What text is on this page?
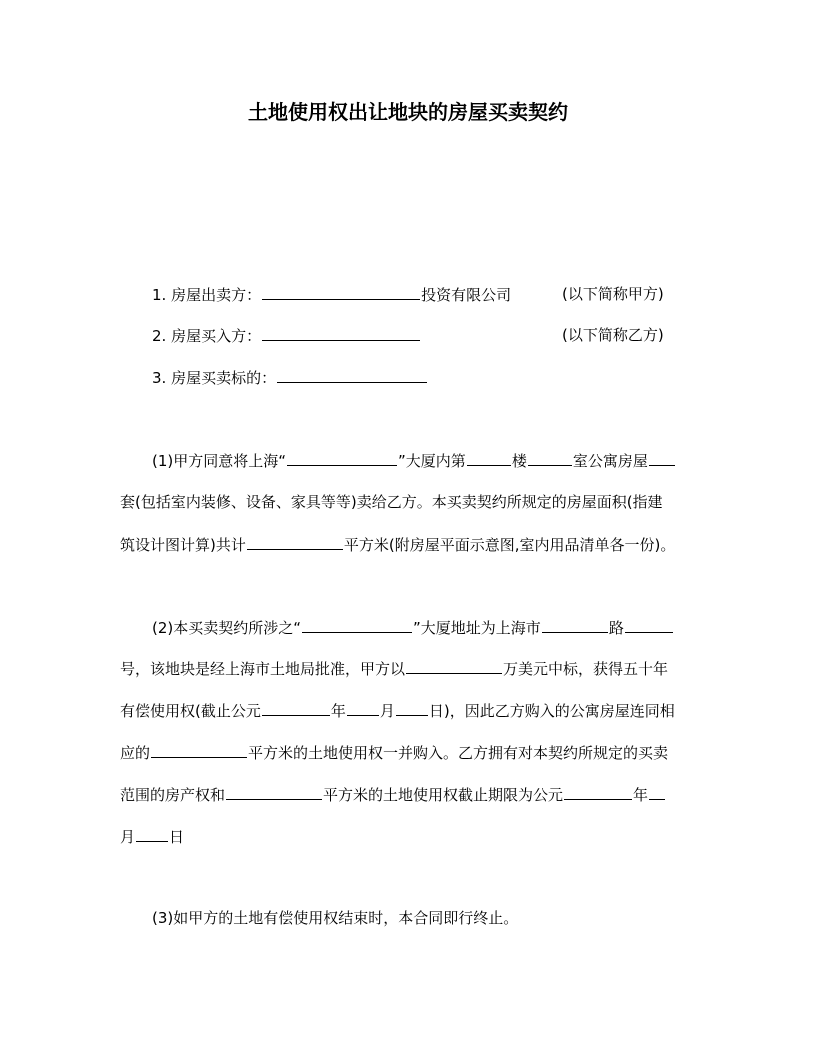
土地使用权出让地块的房屋买卖契约
1. 房屋出卖方：	投资有限公司	(以下简称甲方)
2. 房屋买入方：	(以下简称乙方)
3. 房屋买卖标的：
(1)甲方同意将上海“	”大厦内第	楼	室公寓房屋
套(包括室内装修、设备、家具等等)卖给乙方。本买卖契约所规定的房屋面积(指建
筑设计图计算)共计	平方米(附房屋平面示意图,室内用品清单各一份)。
(2)本买卖契约所涉之“	”大厦地址为上海市	路
号，该地块是经上海市土地局批准，甲方以	万美元中标，获得五十年
有偿使用权(截止公元	年 月 日)，因此乙方购入的公寓房屋连同相
应的	平方米的土地使用权一并购入。乙方拥有对本契约所规定的买卖
范围的房产权和	平方米的土地使用权截止期限为公元	年
月 日
(3)如甲方的土地有偿使用权结束时，本合同即行终止。
